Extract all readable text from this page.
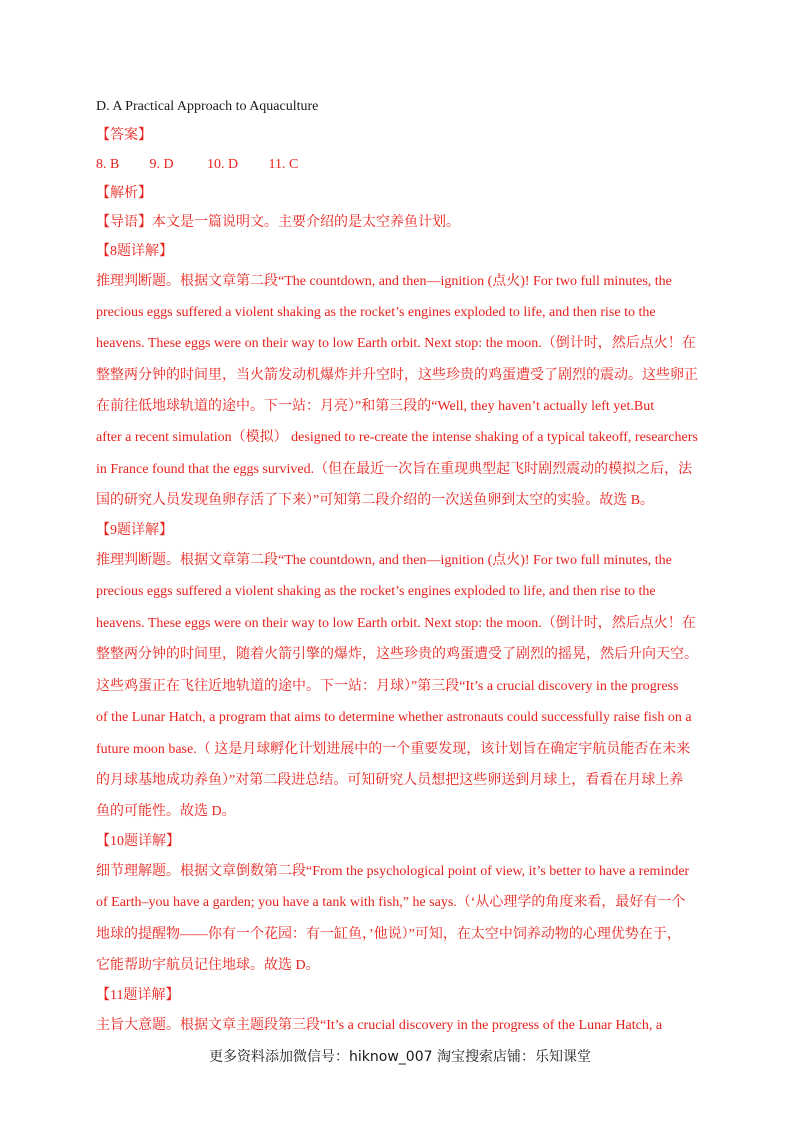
D. A Practical Approach to Aquaculture
【答案】
8. B 9. D 10. D 11. C
【解析】
【导语】本文是一篇说明文。主要介绍的是太空养鱼计划。
【8题详解】
推理判断题。根据文章第二段“The countdown, and then—ignition (点火)! For two full minutes, the
precious eggs suffered a violent shaking as the rocket’s engines exploded to life, and then rise to the
heavens. These eggs were on their way to low Earth orbit. Next stop: the moon.（倒计时，然后点火！在
整整两分钟的时间里，当火箭发动机爆炸并升空时，这些珍贵的鸡蛋遭受了剧烈的震动。这些卵正
在前往低地球轨道的途中。下一站：月亮）”和第三段的“Well, they haven’t actually left yet.But
after a recent simulation（模拟） designed to re-create the intense shaking of a typical takeoff, researchers
in France found that the eggs survived.（但在最近一次旨在重现典型起飞时剧烈震动的模拟之后，法
国的研究人员发现鱼卵存活了下来）”可知第二段介绍的一次送鱼卵到太空的实验。故选 B。
【9题详解】
推理判断题。根据文章第二段“The countdown, and then—ignition (点火)! For two full minutes, the
precious eggs suffered a violent shaking as the rocket’s engines exploded to life, and then rise to the
heavens. These eggs were on their way to low Earth orbit. Next stop: the moon.（倒计时，然后点火！在
整整两分钟的时间里，随着火箭引擎的爆炸，这些珍贵的鸡蛋遭受了剧烈的摇晃，然后升向天空。
这些鸡蛋正在飞往近地轨道的途中。下一站：月球）”第三段“It’s a crucial discovery in the progress
of the Lunar Hatch, a program that aims to determine whether astronauts could successfully raise fish on a
future moon base.（ 这是月球孵化计划进展中的一个重要发现，该计划旨在确定宇航员能否在未来
的月球基地成功养鱼）”对第二段进总结。可知研究人员想把这些卵送到月球上，看看在月球上养
鱼的可能性。故选 D。
【10题详解】
细节理解题。根据文章倒数第二段“From the psychological point of view, it’s better to have a reminder
of Earth–you have a garden; you have a tank with fish,” he says.（‘从心理学的角度来看，最好有一个
地球的提醒物——你有一个花园：有一缸鱼，’他说）”可知，在太空中饲养动物的心理优势在于，
它能帮助宇航员记住地球。故选 D。
【11题详解】
主旨大意题。根据文章主题段第三段“It’s a crucial discovery in the progress of the Lunar Hatch, a
更多资料添加微信号：hiknow_007 淘宝搜索店铺：乐知课堂
